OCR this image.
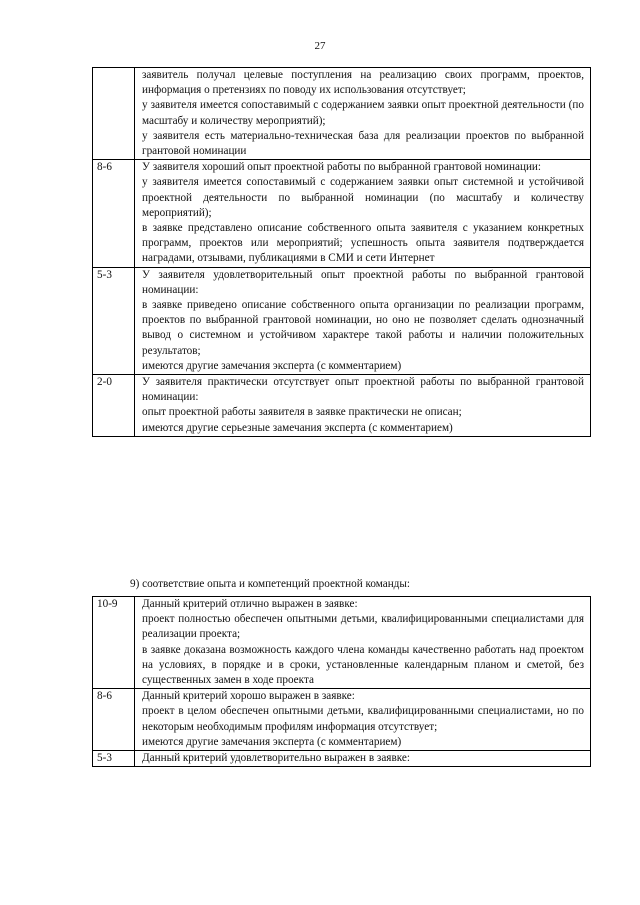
27

	заявитель получал целевые поступления на реализацию своих программ, проектов, информация о претензиях по поводу их использования отсутствует;
у заявителя имеется сопоставимый с содержанием заявки опыт проектной деятельности (по масштабу и количеству мероприятий);
у заявителя есть материально-техническая база для реализации проектов по выбранной грантовой номинации

8-6	У заявителя хороший опыт проектной работы по выбранной грантовой номинации:
у заявителя имеется сопоставимый с содержанием заявки опыт системной и устойчивой проектной деятельности по выбранной номинации (по масштабу и количеству мероприятий);
в заявке представлено описание собственного опыта заявителя с указанием конкретных программ, проектов или мероприятий; успешность опыта заявителя подтверждается наградами, отзывами, публикациями в СМИ и сети Интернет

5-3	У заявителя удовлетворительный опыт проектной работы по выбранной грантовой номинации:
в заявке приведено описание собственного опыта организации по реализации программ, проектов по выбранной грантовой номинации, но оно не позволяет сделать однозначный вывод о системном и устойчивом характере такой работы и наличии положительных результатов;
имеются другие замечания эксперта (с комментарием)

2-0	У заявителя практически отсутствует опыт проектной работы по выбранной грантовой номинации:
опыт проектной работы заявителя в заявке практически не описан;
имеются другие серьезные замечания эксперта (с комментарием)
9) соответствие опыта и компетенций проектной команды:
10-9	Данный критерий отлично выражен в заявке:
проект полностью обеспечен опытными детьми, квалифицированными специалистами для реализации проекта;
в заявке доказана возможность каждого члена команды качественно работать над проектом на условиях, в порядке и в сроки, установленные календарным планом и сметой, без существенных замен в ходе проекта

8-6	Данный критерий хорошо выражен в заявке:
проект в целом обеспечен опытными детьми, квалифицированными специалистами, но по некоторым необходимым профилям информация отсутствует;
имеются другие замечания эксперта (с комментарием)

5-3	Данный критерий удовлетворительно выражен в заявке:
